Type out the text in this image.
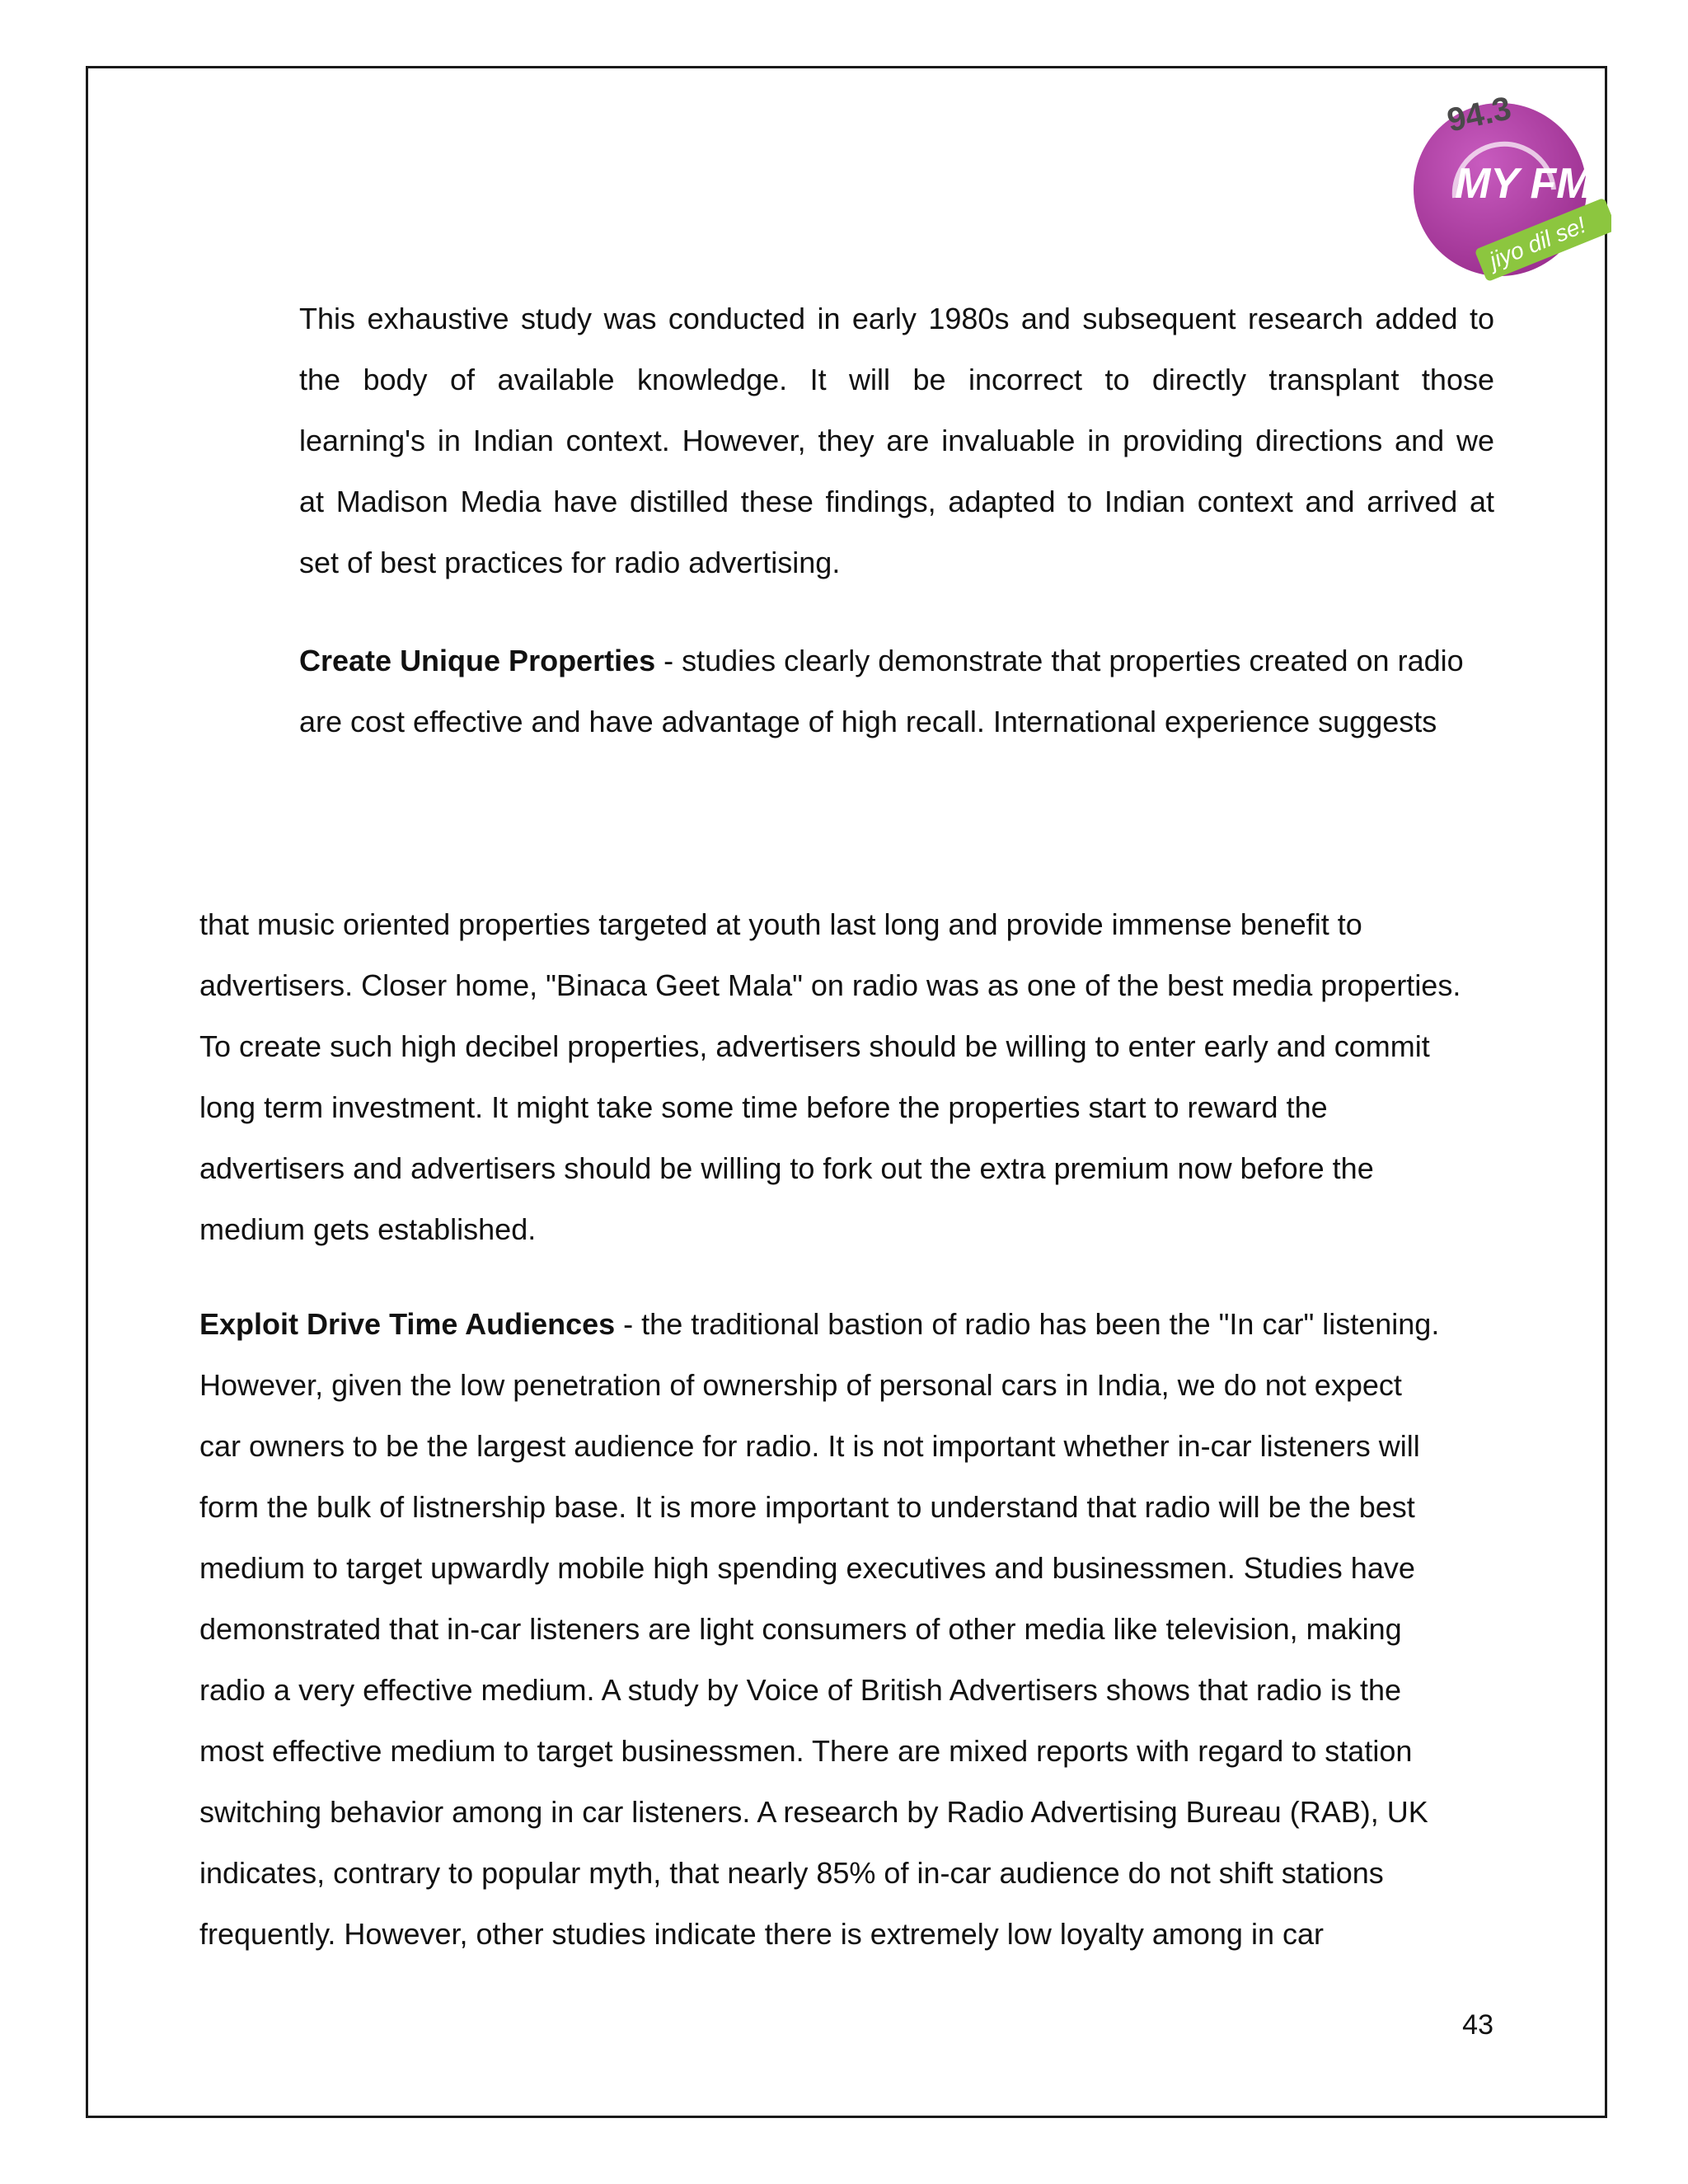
94.3
MY FM
jiyo dil se!

This exhaustive study was conducted in early 1980s and subsequent research added to
the body of available knowledge. It will be incorrect to directly transplant those
learning's in Indian context. However, they are invaluable in providing directions and we
at Madison Media have distilled these findings, adapted to Indian context and arrived at
set of best practices for radio advertising.

Create Unique Properties - studies clearly demonstrate that properties created on radio
are cost effective and have advantage of high recall. International experience suggests

that music oriented properties targeted at youth last long and provide immense benefit to
advertisers. Closer home, "Binaca Geet Mala" on radio was as one of the best media properties.
To create such high decibel properties, advertisers should be willing to enter early and commit
long term investment. It might take some time before the properties start to reward the
advertisers and advertisers should be willing to fork out the extra premium now before the
medium gets established.

Exploit Drive Time Audiences - the traditional bastion of radio has been the "In car" listening.
However, given the low penetration of ownership of personal cars in India, we do not expect
car owners to be the largest audience for radio. It is not important whether in-car listeners will
form the bulk of listnership base. It is more important to understand that radio will be the best
medium to target upwardly mobile high spending executives and businessmen. Studies have
demonstrated that in-car listeners are light consumers of other media like television, making
radio a very effective medium. A study by Voice of British Advertisers shows that radio is the
most effective medium to target businessmen. There are mixed reports with regard to station
switching behavior among in car listeners. A research by Radio Advertising Bureau (RAB), UK
indicates, contrary to popular myth, that nearly 85% of in-car audience do not shift stations
frequently. However, other studies indicate there is extremely low loyalty among in car

43
